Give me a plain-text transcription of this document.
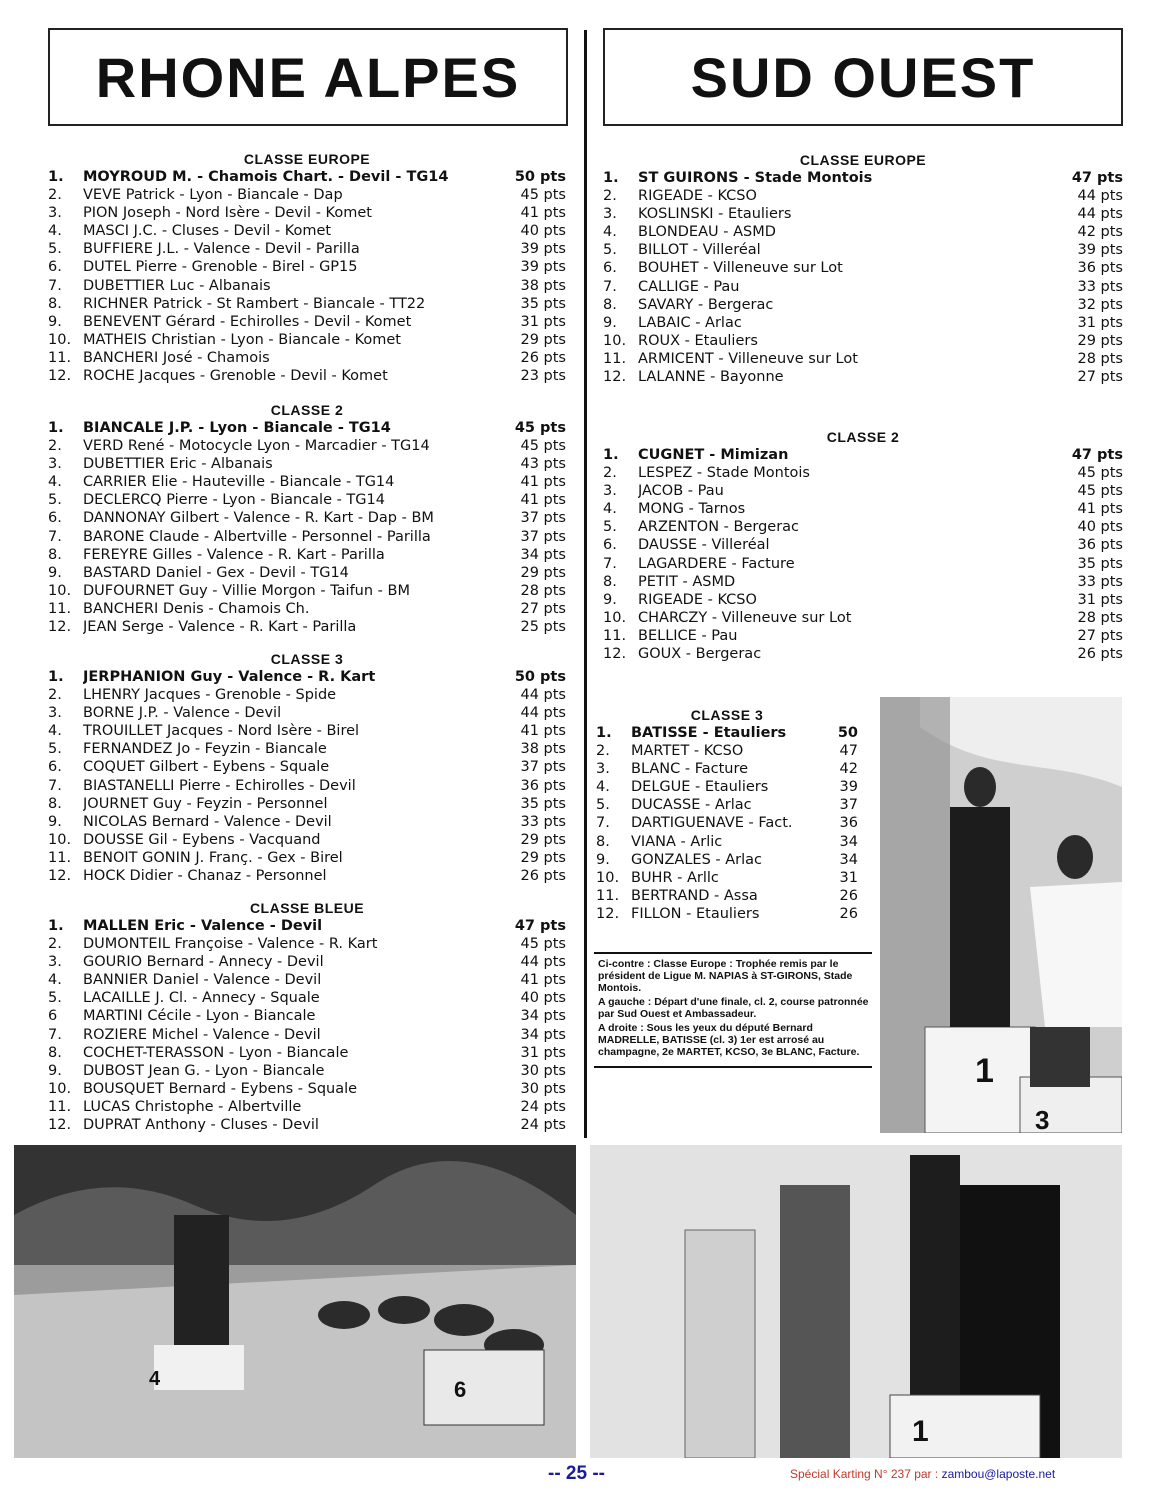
RHONE ALPES	SUD OUEST
CLASSE EUROPE
1.	MOYROUD M. - Chamois Chart. - Devil - TG14	50 pts
2.	VEVE Patrick - Lyon - Biancale - Dap	45 pts
3.	PION Joseph - Nord Isère - Devil - Komet	41 pts
4.	MASCI J.C. - Cluses - Devil - Komet	40 pts
5.	BUFFIERE J.L. - Valence - Devil - Parilla	39 pts
6.	DUTEL Pierre - Grenoble - Birel - GP15	39 pts
7.	DUBETTIER Luc - Albanais	38 pts
8.	RICHNER Patrick - St Rambert - Biancale - TT22	35 pts
9.	BENEVENT Gérard - Echirolles - Devil - Komet	31 pts
10. MATHEIS Christian - Lyon - Biancale - Komet	29 pts
11. BANCHERI José - Chamois	26 pts
12. ROCHE Jacques - Grenoble - Devil - Komet	23 pts
CLASSE 2
1.	BIANCALE J.P. - Lyon - Biancale - TG14	45 pts
2.	VERD René - Motocycle Lyon - Marcadier - TG14	45 pts
3.	DUBETTIER Eric - Albanais	43 pts
4.	CARRIER Elie - Hauteville - Biancale - TG14	41 pts
5.	DECLERCQ Pierre - Lyon - Biancale - TG14	41 pts
6.	DANNONAY Gilbert - Valence - R. Kart - Dap - BM	37 pts
7.	BARONE Claude - Albertville - Personnel - Parilla	37 pts
8.	FEREYRE Gilles - Valence - R. Kart - Parilla	34 pts
9.	BASTARD Daniel - Gex - Devil - TG14	29 pts
10. DUFOURNET Guy - Villie Morgon - Taifun - BM	28 pts
11. BANCHERI Denis - Chamois Ch.	27 pts
12. JEAN Serge - Valence - R. Kart - Parilla	25 pts
CLASSE 3
1.	JERPHANION Guy - Valence - R. Kart	50 pts
2.	LHENRY Jacques - Grenoble - Spide	44 pts
3.	BORNE J.P. - Valence - Devil	44 pts
4.	TROUILLET Jacques - Nord Isère - Birel	41 pts
5.	FERNANDEZ Jo - Feyzin - Biancale	38 pts
6.	COQUET Gilbert - Eybens - Squale	37 pts
7.	BIASTANELLI Pierre - Echirolles - Devil	36 pts
8.	JOURNET Guy - Feyzin - Personnel	35 pts
9.	NICOLAS Bernard - Valence - Devil	33 pts
10. DOUSSE Gil - Eybens - Vacquand	29 pts
11. BENOIT GONIN J. Franç. - Gex - Birel	29 pts
12. HOCK Didier - Chanaz - Personnel	26 pts
CLASSE BLEUE
1.	MALLEN Eric - Valence - Devil	47 pts
2.	DUMONTEIL Françoise - Valence - R. Kart	45 pts
3.	GOURIO Bernard - Annecy - Devil	44 pts
4.	BANNIER Daniel - Valence - Devil	41 pts
5.	LACAILLE J. Cl. - Annecy - Squale	40 pts
6	MARTINI Cécile - Lyon - Biancale	34 pts
7.	ROZIERE Michel - Valence - Devil	34 pts
8.	COCHET-TERASSON - Lyon - Biancale	31 pts
9.	DUBOST Jean G. - Lyon - Biancale	30 pts
10. BOUSQUET Bernard - Eybens - Squale	30 pts
11. LUCAS Christophe - Albertville	24 pts
12. DUPRAT Anthony - Cluses - Devil	24 pts
CLASSE EUROPE
1.	ST GUIRONS - Stade Montois	47 pts
2.	RIGEADE - KCSO	44 pts
3.	KOSLINSKI - Etauliers	44 pts
4.	BLONDEAU - ASMD	42 pts
5.	BILLOT - Villeréal	39 pts
6.	BOUHET - Villeneuve sur Lot	36 pts
7.	CALLIGE - Pau	33 pts
8.	SAVARY - Bergerac	32 pts
9.	LABAIC - Arlac	31 pts
10. ROUX - Etauliers	29 pts
11. ARMICENT - Villeneuve sur Lot	28 pts
12. LALANNE - Bayonne	27 pts
CLASSE 2
1.	CUGNET - Mimizan	47 pts
2.	LESPEZ - Stade Montois	45 pts
3.	JACOB - Pau	45 pts
4.	MONG - Tarnos	41 pts
5.	ARZENTON - Bergerac	40 pts
6.	DAUSSE - Villeréal	36 pts
7.	LAGARDERE - Facture	35 pts
8.	PETIT - ASMD	33 pts
9.	RIGEADE - KCSO	31 pts
10. CHARCZY - Villeneuve sur Lot	28 pts
11. BELLICE - Pau	27 pts
12. GOUX - Bergerac	26 pts
CLASSE 3
1.	BATISSE - Etauliers	50
2.	MARTET - KCSO	47
3.	BLANC - Facture	42
4.	DELGUE - Etauliers	39
5.	DUCASSE - Arlac	37
7.	DARTIGUENAVE - Fact.	36
8.	VIANA - Arlic	34
9.	GONZALES - Arlac	34
10. BUHR - Arllc	31
11. BERTRAND - Assa	26
12. FILLON - Etauliers	26

Ci-contre : Classe Europe : Trophée remis par le président de Ligue M. NAPIAS à ST-GIRONS, Stade Montois.

A gauche : Départ d'une finale, cl. 2, course patronnée par Sud Ouest et Ambassadeur.

A droite : Sous les yeux du député Bernard MADRELLE, BATISSE (cl. 3) 1er est arrosé au champagne, 2e MARTET, KCSO, 3e BLANC, Facture.	1
3
4	6
1
-- 25 --	Spécial Karting N° 237 par : zambou@laposte.net
